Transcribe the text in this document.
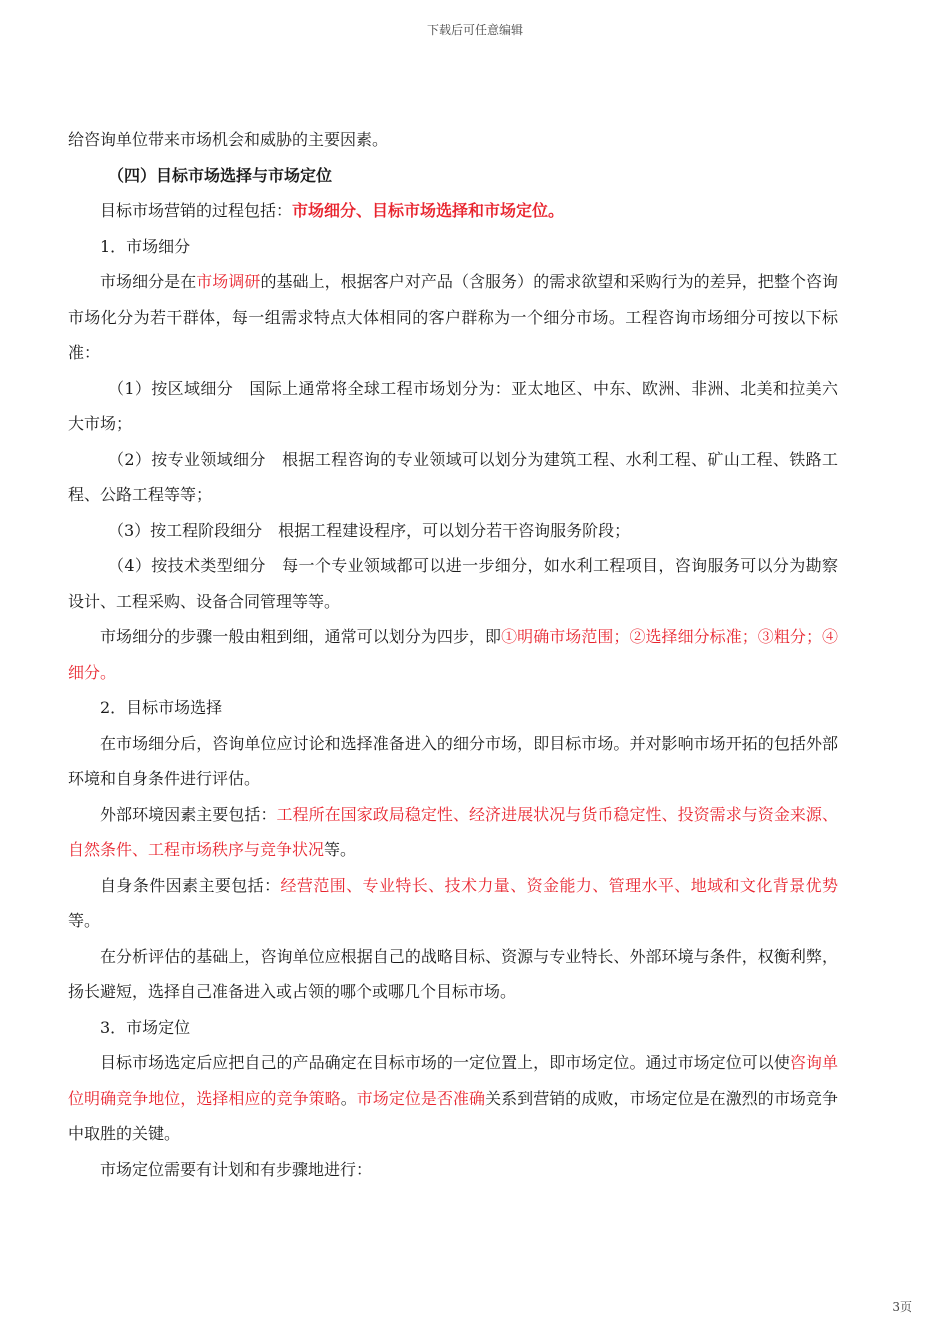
下载后可任意编辑

给咨询单位带来市场机会和威胁的主要因素。

（四）目标市场选择与市场定位

目标市场营销的过程包括：市场细分、目标市场选择和市场定位。

1．市场细分

市场细分是在市场调研的基础上，根据客户对产品（含服务）的需求欲望和采购行为的差异，把整个咨询市场化分为若干群体，每一组需求特点大体相同的客户群称为一个细分市场。工程咨询市场细分可按以下标准：

（1）按区域细分　国际上通常将全球工程市场划分为：亚太地区、中东、欧洲、非洲、北美和拉美六大市场；

（2）按专业领域细分　根据工程咨询的专业领域可以划分为建筑工程、水利工程、矿山工程、铁路工程、公路工程等等；

（3）按工程阶段细分　根据工程建设程序，可以划分若干咨询服务阶段；

（4）按技术类型细分　每一个专业领域都可以进一步细分，如水利工程项目，咨询服务可以分为勘察设计、工程采购、设备合同管理等等。

市场细分的步骤一般由粗到细，通常可以划分为四步，即①明确市场范围；②选择细分标准；③粗分；④细分。

2．目标市场选择

在市场细分后，咨询单位应讨论和选择准备进入的细分市场，即目标市场。并对影响市场开拓的包括外部环境和自身条件进行评估。

外部环境因素主要包括：工程所在国家政局稳定性、经济进展状况与货币稳定性、投资需求与资金来源、自然条件、工程市场秩序与竞争状况等。

自身条件因素主要包括：经营范围、专业特长、技术力量、资金能力、管理水平、地域和文化背景优势等。

在分析评估的基础上，咨询单位应根据自己的战略目标、资源与专业特长、外部环境与条件，权衡利弊，扬长避短，选择自己准备进入或占领的哪个或哪几个目标市场。

3．市场定位

目标市场选定后应把自己的产品确定在目标市场的一定位置上，即市场定位。通过市场定位可以使咨询单位明确竞争地位，选择相应的竞争策略。市场定位是否准确关系到营销的成败，市场定位是在激烈的市场竞争中取胜的关键。

市场定位需要有计划和有步骤地进行：

3页
